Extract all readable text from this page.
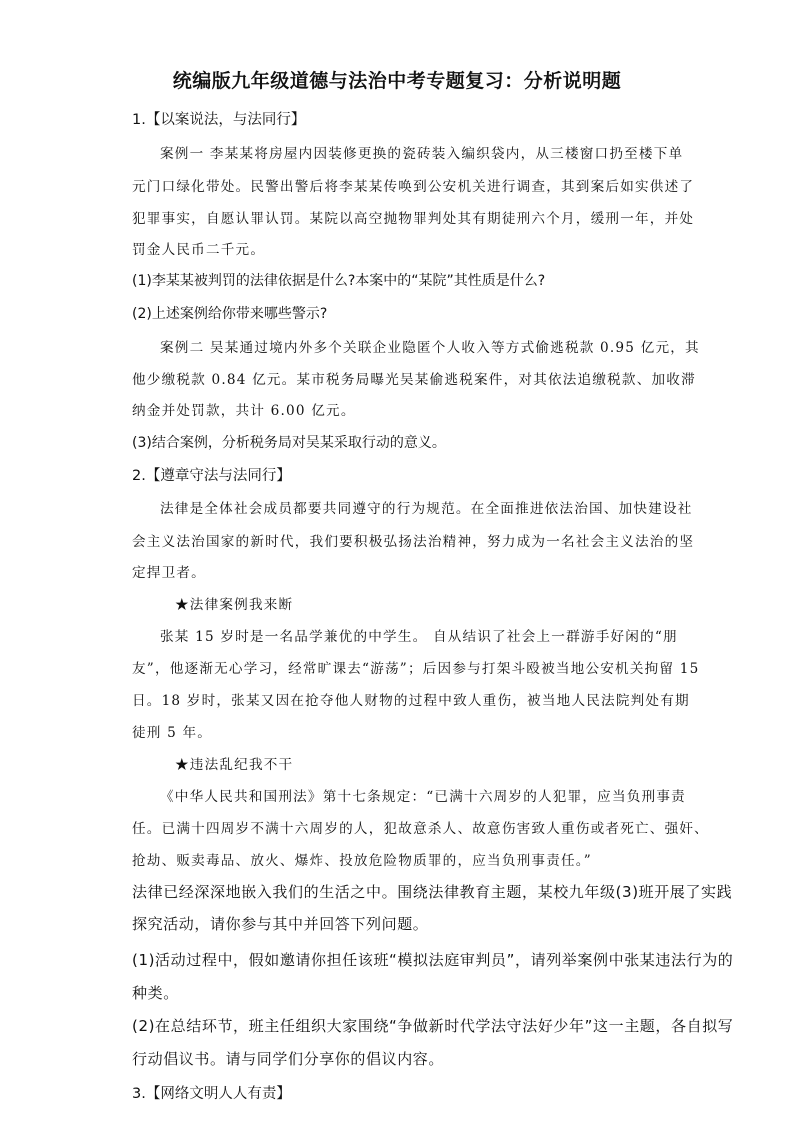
统编版九年级道德与法治中考专题复习：分析说明题
1.【以案说法，与法同行】
案例一 李某某将房屋内因装修更换的瓷砖装入编织袋内，从三楼窗口扔至楼下单
元门口绿化带处。民警出警后将李某某传唤到公安机关进行调查，其到案后如实供述了
犯罪事实，自愿认罪认罚。某院以高空抛物罪判处其有期徒刑六个月，缓刑一年，并处
罚金人民币二千元。
(1)李某某被判罚的法律依据是什么?本案中的“某院”其性质是什么?
(2)上述案例给你带来哪些警示?
案例二 吴某通过境内外多个关联企业隐匿个人收入等方式偷逃税款 0.95 亿元，其
他少缴税款 0.84 亿元。某市税务局曝光吴某偷逃税案件，对其依法追缴税款、加收滞
纳金并处罚款，共计 6.00 亿元。
(3)结合案例，分析税务局对吴某采取行动的意义。
2.【遵章守法与法同行】
法律是全体社会成员都要共同遵守的行为规范。在全面推进依法治国、加快建设社
会主义法治国家的新时代，我们要积极弘扬法治精神，努力成为一名社会主义法治的坚
定捍卫者。
★法律案例我来断
张某 15 岁时是一名品学兼优的中学生。 自从结识了社会上一群游手好闲的“朋
友”，他逐渐无心学习，经常旷课去“游荡”；后因参与打架斗殴被当地公安机关拘留 15
日。18 岁时，张某又因在抢夺他人财物的过程中致人重伤，被当地人民法院判处有期
徒刑 5 年。
★违法乱纪我不干
《中华人民共和国刑法》第十七条规定：“已满十六周岁的人犯罪，应当负刑事责
任。已满十四周岁不满十六周岁的人，犯故意杀人、故意伤害致人重伤或者死亡、强奸、
抢劫、贩卖毒品、放火、爆炸、投放危险物质罪的，应当负刑事责任。”
法律已经深深地嵌入我们的生活之中。围绕法律教育主题，某校九年级(3)班开展了实践
探究活动，请你参与其中并回答下列问题。
(1)活动过程中，假如邀请你担任该班“模拟法庭审判员”，请列举案例中张某违法行为的
种类。
(2)在总结环节，班主任组织大家围绕“争做新时代学法守法好少年”这一主题，各自拟写
行动倡议书。请与同学们分享你的倡议内容。
3.【网络文明人人有责】
